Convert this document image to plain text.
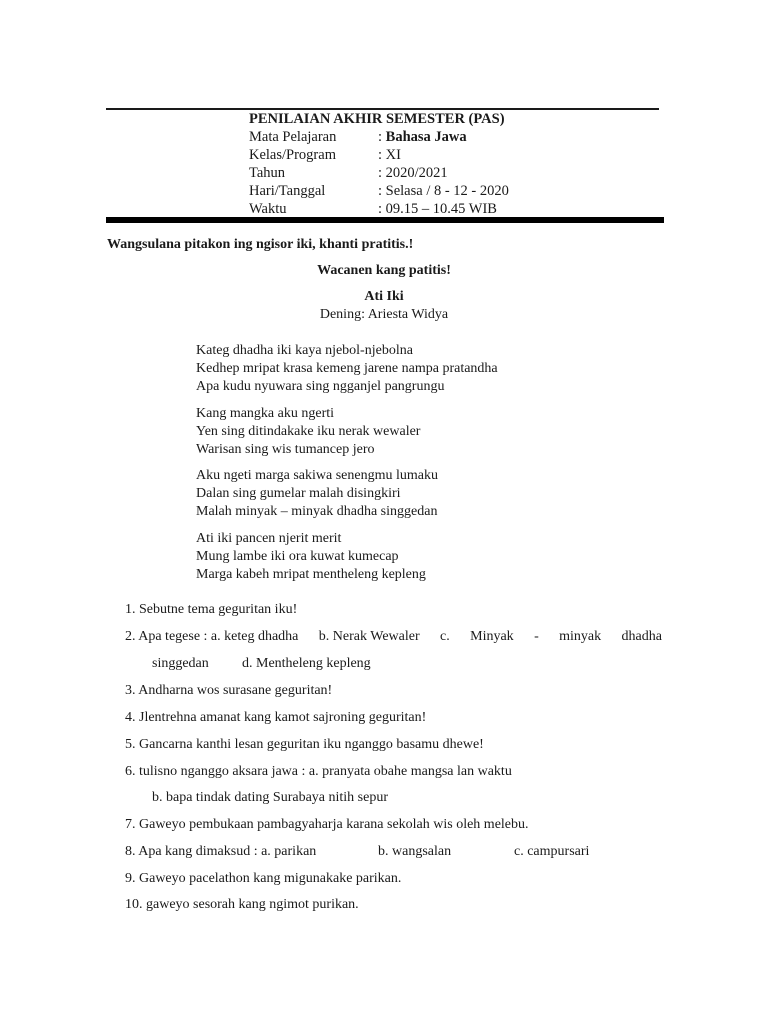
PENILAIAN AKHIR SEMESTER (PAS)
Mata Pelajaran	: Bahasa Jawa
Kelas/Program	: XI
Tahun	: 2020/2021
Hari/Tanggal	: Selasa / 8 - 12 - 2020
Waktu	: 09.15 – 10.45 WIB
Wangsulana pitakon ing ngisor iki, khanti pratitis.!
Wacanen kang patitis!
Ati Iki
Dening: Ariesta Widya
Kateg dhadha iki kaya njebol-njebolna
Kedhep mripat krasa kemeng jarene nampa pratandha
Apa kudu nyuwara sing ngganjel pangrungu
Kang mangka aku ngerti
Yen sing ditindakake iku nerak wewaler
Warisan sing wis tumancep jero
Aku ngeti marga sakiwa senengmu lumaku
Dalan sing gumelar malah disingkiri
Malah minyak – minyak dhadha singgedan
Ati iki pancen njerit merit
Mung lambe iki ora kuwat kumecap
Marga kabeh mripat mentheleng kepleng
1. Sebutne tema geguritan iku!
2. Apa tegese : a. keteg dhadha b. Nerak Wewaler c. Minyak - minyak dhadha
singgedan d. Mentheleng kepleng
3. Andharna wos surasane geguritan!
4. Jlentrehna amanat kang kamot sajroning geguritan!
5. Gancarna kanthi lesan geguritan iku nganggo basamu dhewe!
6. tulisno nganggo aksara jawa : a. pranyata obahe mangsa lan waktu
b. bapa tindak dating Surabaya nitih sepur
7. Gaweyo pembukaan pambagyaharja karana sekolah wis oleh melebu.
8. Apa kang dimaksud : a. parikan	b. wangsalan	c. campursari
9. Gaweyo pacelathon kang migunakake parikan.
10. gaweyo sesorah kang ngimot purikan.
